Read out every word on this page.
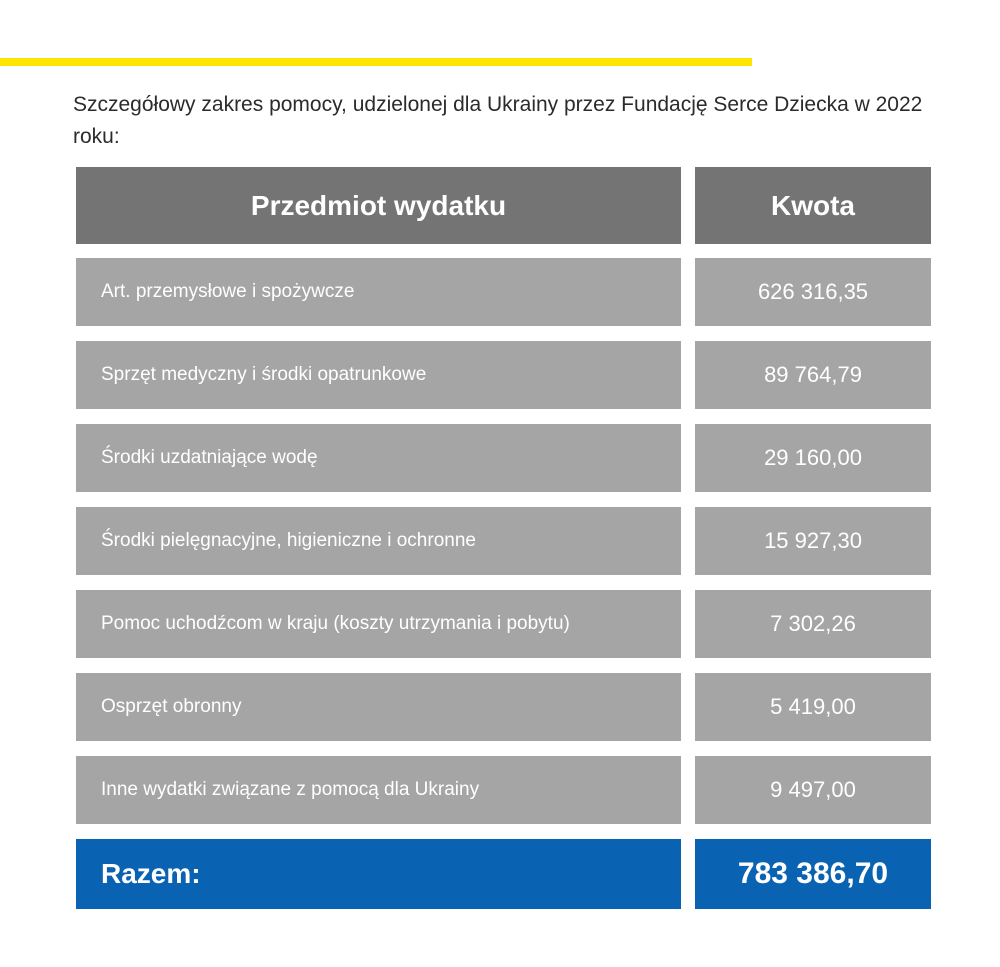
Szczegółowy zakres pomocy, udzielonej dla Ukrainy przez Fundację Serce Dziecka w 2022 roku:

Przedmiot wydatku	Kwota
Art. przemysłowe i spożywcze	626 316,35
Sprzęt medyczny i środki opatrunkowe	89 764,79
Środki uzdatniające wodę	29 160,00
Środki pielęgnacyjne, higieniczne i ochronne	15 927,30
Pomoc uchodźcom w kraju (koszty utrzymania i pobytu)	7 302,26
Osprzęt obronny	5 419,00
Inne wydatki związane z pomocą dla Ukrainy	9 497,00
Razem:	783 386,70
